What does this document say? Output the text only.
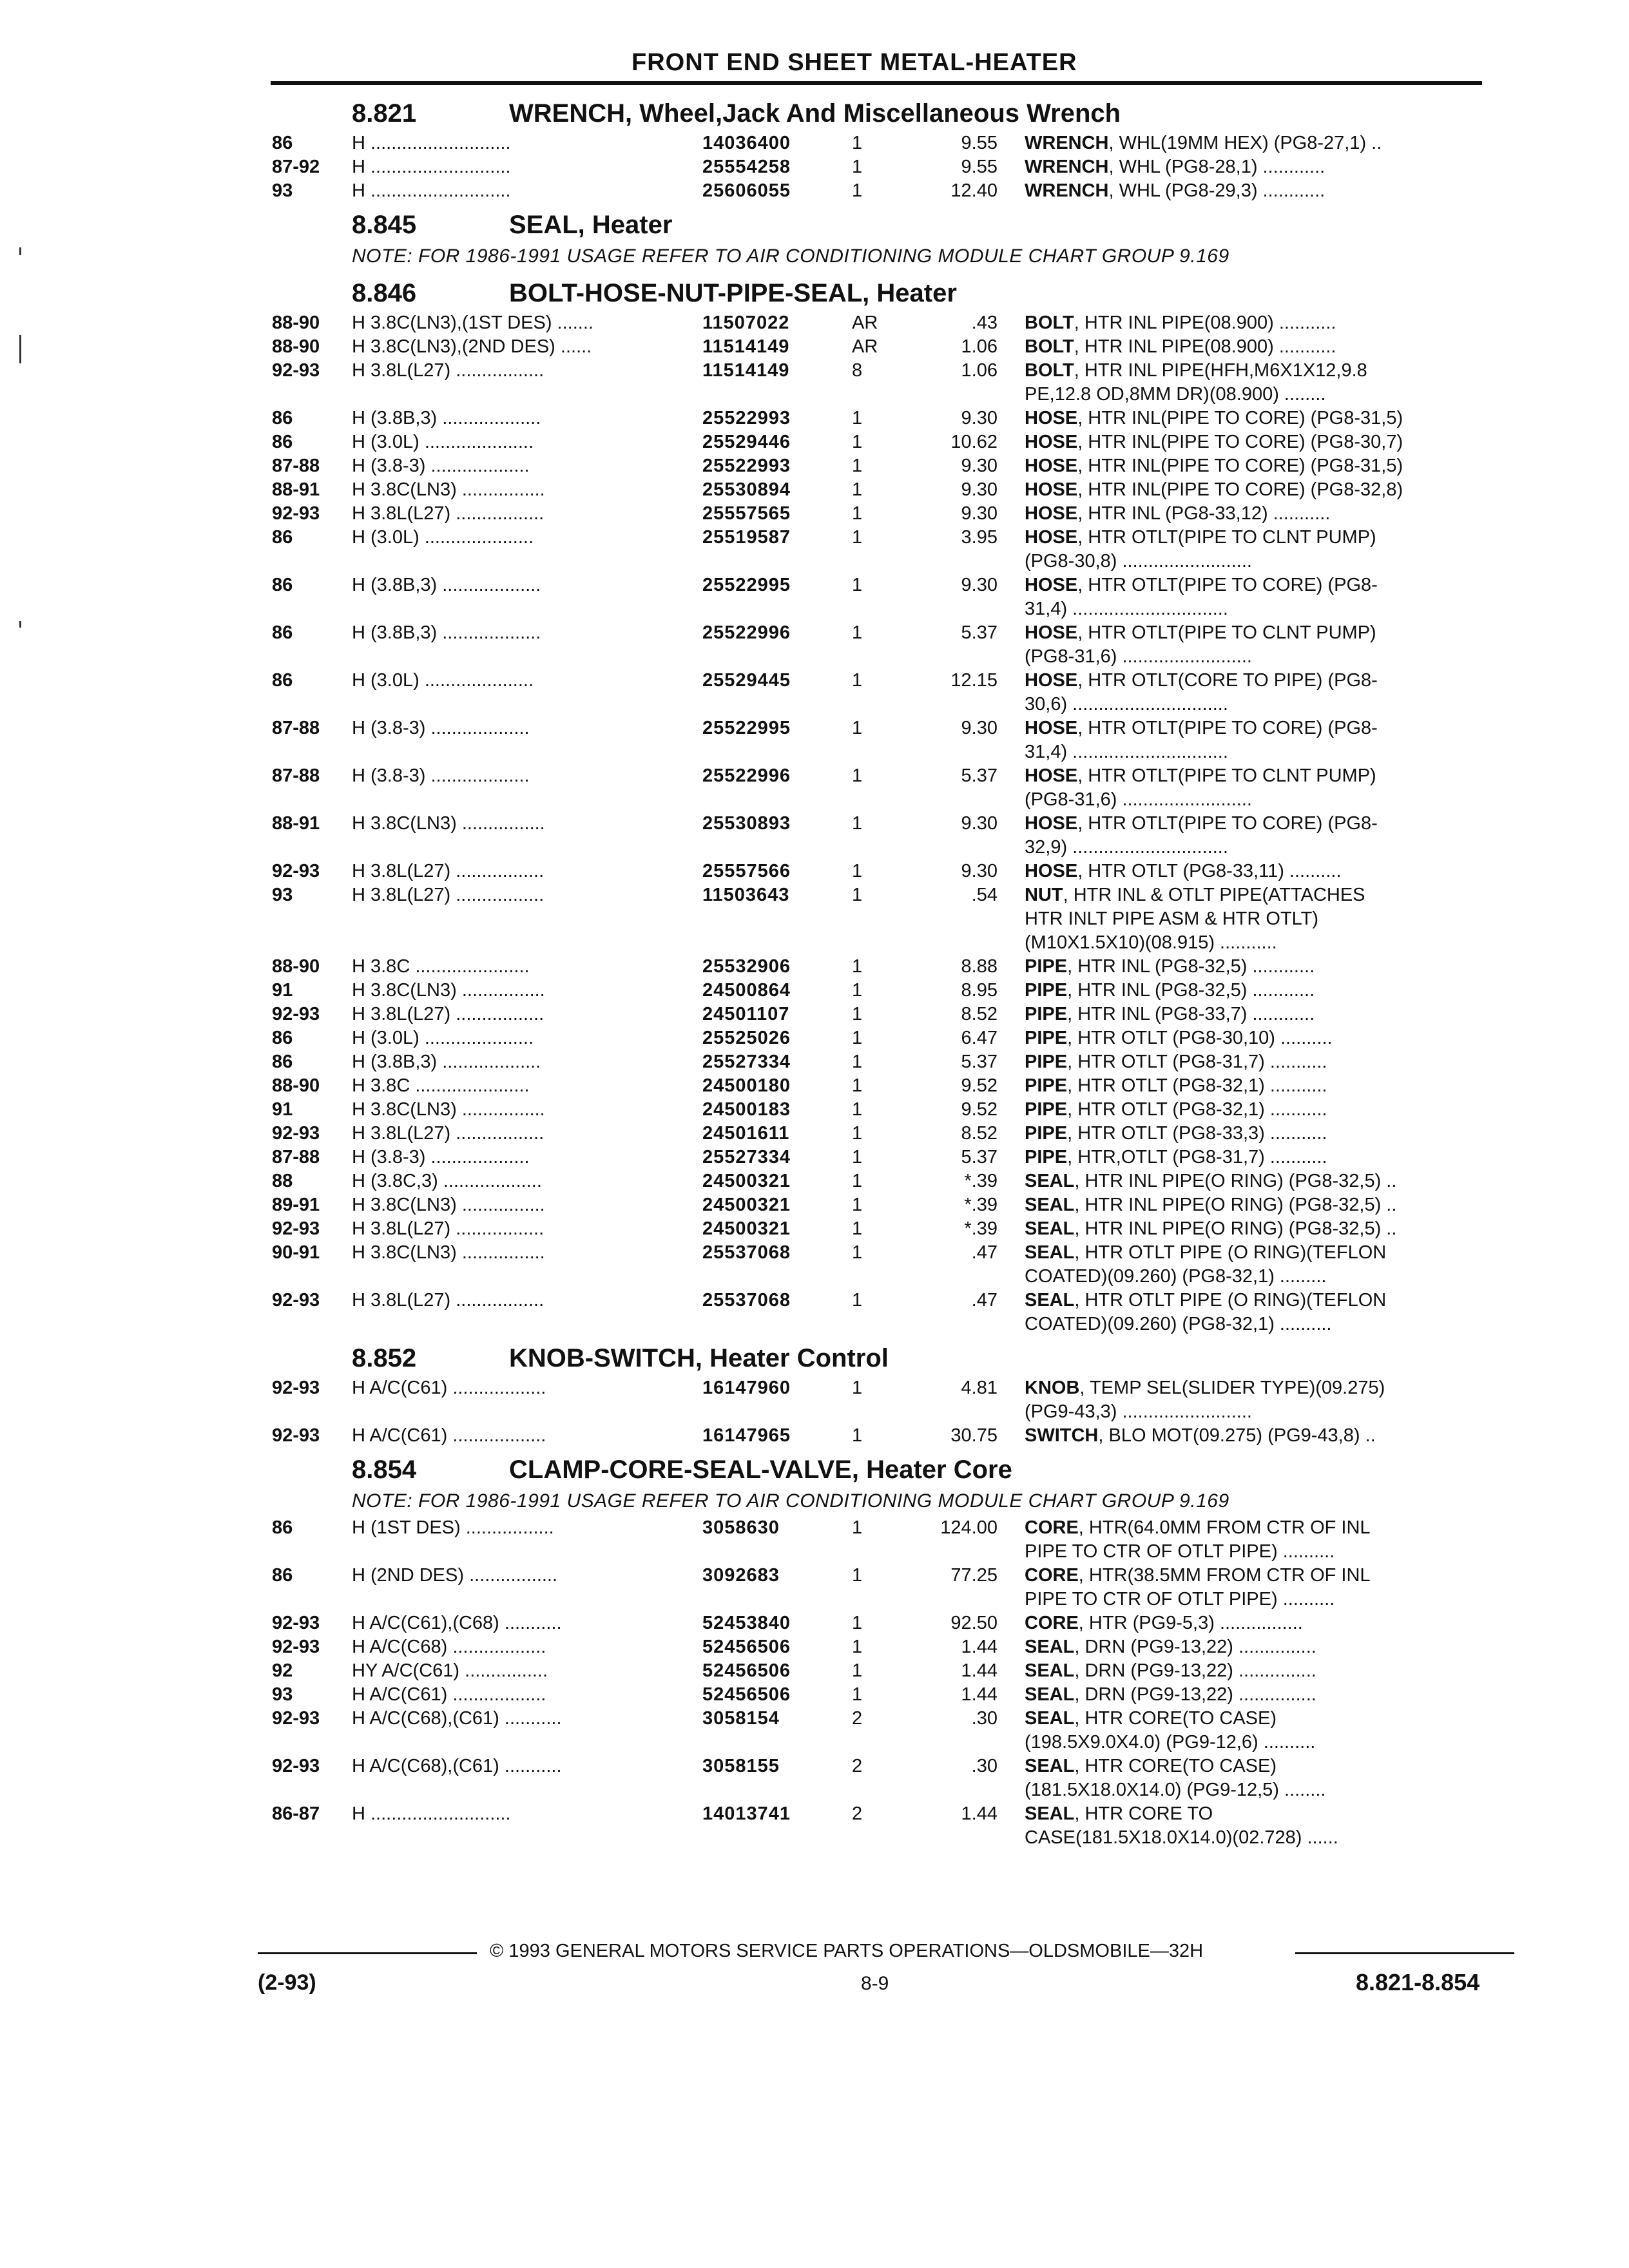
FRONT END SHEET METAL-HEATER
8.821	WRENCH, Wheel,Jack And Miscellaneous Wrench
86	H ...........................	14036400	1	9.55 WRENCH, WHL(19MM HEX) (PG8-27,1) ..
87-92 H ...........................	25554258	1	9.55 WRENCH, WHL (PG8-28,1) ............
93	H ...........................	25606055	1	12.40 WRENCH, WHL (PG8-29,3) ............
8.845	SEAL, Heater
NOTE: FOR 1986-1991 USAGE REFER TO AIR CONDITIONING MODULE CHART GROUP 9.169
8.846	BOLT-HOSE-NUT-PIPE-SEAL, Heater
88-90 H 3.8C(LN3),(1ST DES) .......	11507022	AR	.43 BOLT, HTR INL PIPE(08.900) ...........
88-90 H 3.8C(LN3),(2ND DES) ......	11514149	AR	1.06 BOLT, HTR INL PIPE(08.900) ...........
92-93 H 3.8L(L27) .................	11514149	8	1.06 BOLT, HTR INL PIPE(HFH,M6X1X12,9.8
PE,12.8 OD,8MM DR)(08.900) ........
86	H (3.8B,3) ...................	25522993	1	9.30 HOSE, HTR INL(PIPE TO CORE) (PG8-31,5)
86	H (3.0L) .....................	25529446	1	10.62 HOSE, HTR INL(PIPE TO CORE) (PG8-30,7)
87-88 H (3.8-3) ...................	25522993	1	9.30 HOSE, HTR INL(PIPE TO CORE) (PG8-31,5)
88-91 H 3.8C(LN3) ................	25530894	1	9.30 HOSE, HTR INL(PIPE TO CORE) (PG8-32,8)
92-93 H 3.8L(L27) .................	25557565	1	9.30 HOSE, HTR INL (PG8-33,12) ...........
86	H (3.0L) .....................	25519587	1	3.95 HOSE, HTR OTLT(PIPE TO CLNT PUMP)
(PG8-30,8) .........................
86	H (3.8B,3) ...................	25522995	1	9.30 HOSE, HTR OTLT(PIPE TO CORE) (PG8-
31,4) ..............................
86	H (3.8B,3) ...................	25522996	1	5.37 HOSE, HTR OTLT(PIPE TO CLNT PUMP)
(PG8-31,6) .........................
86	H (3.0L) .....................	25529445	1	12.15 HOSE, HTR OTLT(CORE TO PIPE) (PG8-
30,6) ..............................
87-88 H (3.8-3) ...................	25522995	1	9.30 HOSE, HTR OTLT(PIPE TO CORE) (PG8-
31,4) ..............................
87-88 H (3.8-3) ...................	25522996	1	5.37 HOSE, HTR OTLT(PIPE TO CLNT PUMP)
(PG8-31,6) .........................
88-91 H 3.8C(LN3) ................	25530893	1	9.30 HOSE, HTR OTLT(PIPE TO CORE) (PG8-
32,9) ..............................
92-93 H 3.8L(L27) .................	25557566	1	9.30 HOSE, HTR OTLT (PG8-33,11) ..........
93	H 3.8L(L27) .................	11503643	1	.54 NUT, HTR INL & OTLT PIPE(ATTACHES
HTR INLT PIPE ASM & HTR OTLT)
(M10X1.5X10)(08.915) ...........
88-90 H 3.8C ......................	25532906	1	8.88 PIPE, HTR INL (PG8-32,5) ............
91	H 3.8C(LN3) ................	24500864	1	8.95 PIPE, HTR INL (PG8-32,5) ............
92-93 H 3.8L(L27) .................	24501107	1	8.52 PIPE, HTR INL (PG8-33,7) ............
86	H (3.0L) .....................	25525026	1	6.47 PIPE, HTR OTLT (PG8-30,10) ..........
86	H (3.8B,3) ...................	25527334	1	5.37 PIPE, HTR OTLT (PG8-31,7) ...........
88-90 H 3.8C ......................	24500180	1	9.52 PIPE, HTR OTLT (PG8-32,1) ...........
91	H 3.8C(LN3) ................	24500183	1	9.52 PIPE, HTR OTLT (PG8-32,1) ...........
92-93 H 3.8L(L27) .................	24501611	1	8.52 PIPE, HTR OTLT (PG8-33,3) ...........
87-88 H (3.8-3) ...................	25527334	1	5.37 PIPE, HTR,OTLT (PG8-31,7) ...........
88	H (3.8C,3) ...................	24500321	1	*.39 SEAL, HTR INL PIPE(O RING) (PG8-32,5) ..
89-91 H 3.8C(LN3) ................	24500321	1	*.39 SEAL, HTR INL PIPE(O RING) (PG8-32,5) ..
92-93 H 3.8L(L27) .................	24500321	1	*.39 SEAL, HTR INL PIPE(O RING) (PG8-32,5) ..
90-91 H 3.8C(LN3) ................	25537068	1	.47 SEAL, HTR OTLT PIPE (O RING)(TEFLON
COATED)(09.260) (PG8-32,1) .........
92-93 H 3.8L(L27) .................	25537068	1	.47 SEAL, HTR OTLT PIPE (O RING)(TEFLON
COATED)(09.260) (PG8-32,1) ..........
8.852	KNOB-SWITCH, Heater Control
92-93 H A/C(C61) ..................	16147960	1	4.81 KNOB, TEMP SEL(SLIDER TYPE)(09.275)
(PG9-43,3) .........................
92-93 H A/C(C61) ..................	16147965	1	30.75 SWITCH, BLO MOT(09.275) (PG9-43,8) ..
8.854	CLAMP-CORE-SEAL-VALVE, Heater Core
NOTE: FOR 1986-1991 USAGE REFER TO AIR CONDITIONING MODULE CHART GROUP 9.169
86	H (1ST DES) .................	3058630	1	124.00 CORE, HTR(64.0MM FROM CTR OF INL
PIPE TO CTR OF OTLT PIPE) ..........
86	H (2ND DES) .................	3092683	1	77.25 CORE, HTR(38.5MM FROM CTR OF INL
PIPE TO CTR OF OTLT PIPE) ..........
92-93 H A/C(C61),(C68) ...........	52453840	1	92.50 CORE, HTR (PG9-5,3) ................
92-93 H A/C(C68) ..................	52456506	1	1.44 SEAL, DRN (PG9-13,22) ...............
92	HY A/C(C61) ................	52456506	1	1.44 SEAL, DRN (PG9-13,22) ...............
93	H A/C(C61) ..................	52456506	1	1.44 SEAL, DRN (PG9-13,22) ...............
92-93 H A/C(C68),(C61) ...........	3058154	2	.30 SEAL, HTR CORE(TO CASE)
(198.5X9.0X4.0) (PG9-12,6) ..........
92-93 H A/C(C68),(C61) ...........	3058155	2	.30 SEAL, HTR CORE(TO CASE)
(181.5X18.0X14.0) (PG9-12,5) ........
86-87 H ...........................	14013741	2	1.44 SEAL, HTR CORE TO
CASE(181.5X18.0X14.0)(02.728) ......
© 1993 GENERAL MOTORS SERVICE PARTS OPERATIONS—OLDSMOBILE—32H
(2-93)	8-9	8.821-8.854
